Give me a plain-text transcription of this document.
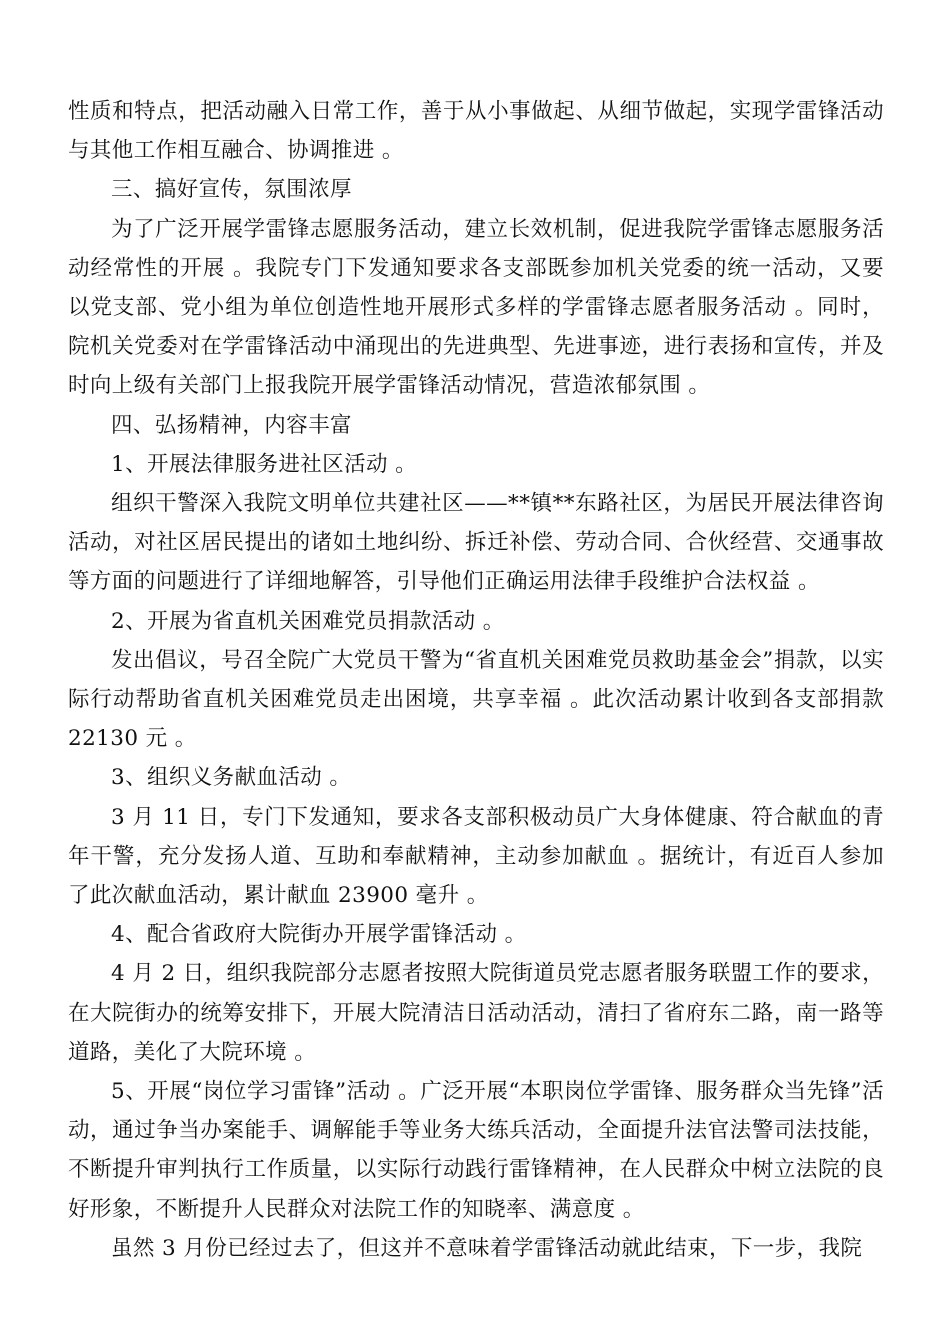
性质和特点，把活动融入日常工作，善于从小事做起、从细节做起，实现学雷锋活动与其他工作相互融合、协调推进 。

三、搞好宣传，氛围浓厚

为了广泛开展学雷锋志愿服务活动，建立长效机制，促进我院学雷锋志愿服务活动经常性的开展 。我院专门下发通知要求各支部既参加机关党委的统一活动，又要以党支部、党小组为单位创造性地开展形式多样的学雷锋志愿者服务活动 。同时，院机关党委对在学雷锋活动中涌现出的先进典型、先进事迹，进行表扬和宣传，并及时向上级有关部门上报我院开展学雷锋活动情况，营造浓郁氛围 。

四、弘扬精神，内容丰富

1、开展法律服务进社区活动 。

组织干警深入我院文明单位共建社区——**镇**东路社区，为居民开展法律咨询活动，对社区居民提出的诸如土地纠纷、拆迁补偿、劳动合同、合伙经营、交通事故等方面的问题进行了详细地解答，引导他们正确运用法律手段维护合法权益 。

2、开展为省直机关困难党员捐款活动 。

发出倡议，号召全院广大党员干警为“省直机关困难党员救助基金会”捐款，以实际行动帮助省直机关困难党员走出困境，共享幸福 。此次活动累计收到各支部捐款 22130 元 。

3、组织义务献血活动 。

3 月 11 日，专门下发通知，要求各支部积极动员广大身体健康、符合献血的青年干警，充分发扬人道、互助和奉献精神，主动参加献血 。据统计，有近百人参加了此次献血活动，累计献血 23900 毫升 。

4、配合省政府大院街办开展学雷锋活动 。

4 月 2 日，组织我院部分志愿者按照大院街道员党志愿者服务联盟工作的要求，在大院街办的统筹安排下，开展大院清洁日活动活动，清扫了省府东二路，南一路等道路，美化了大院环境 。

5、开展“岗位学习雷锋”活动 。广泛开展“本职岗位学雷锋、服务群众当先锋”活动，通过争当办案能手、调解能手等业务大练兵活动，全面提升法官法警司法技能，不断提升审判执行工作质量，以实际行动践行雷锋精神，在人民群众中树立法院的良好形象，不断提升人民群众对法院工作的知晓率、满意度 。

虽然 3 月份已经过去了，但这并不意味着学雷锋活动就此结束，下一步，我院
